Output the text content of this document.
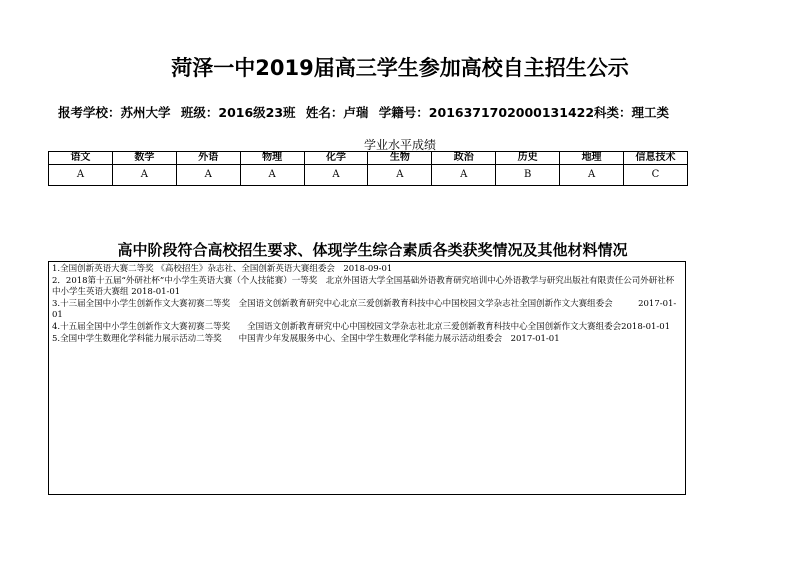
菏泽一中2019届高三学生参加高校自主招生公示
报考学校：苏州大学 班级：2016级23班 姓名：卢瑞 学籍号：20163717020001314​22科类：理工类
学业水平成绩
语文	数学	外语	物理	化学	生物	政治	历史	地理	信息技术
A	A	A	A	A	A	A	B	A	C
高中阶段符合高校招生要求、体现学生综合素质各类获奖情况及其他材料情况

1.全国创新英语大赛二等奖 《高校招生》杂志社、全国创新英语大赛组委会　2018-09-01

2．2018第十五届“外研社杯”中小学生英语大赛（个人技能赛）一等奖　北京外国语大学全国基础外语教育研究培训中心外语教学与研究出版社有限责任公司外研社杯中小学生英语大赛组 2018-01-01

3.十三届全国中小学生创新作文大赛初赛二等奖　全国语文创新教育研究中心北京三爱创新教育科技中心中国校园文学杂志社全国创新作文大赛组委会　　　2017-01-01

4.十五届全国中小学生创新作文大赛初赛二等奖　　全国语文创新教育研究中心中国校园文学杂志社北京三爱创新教育科技中心全国创新作文大赛组委会2018-01-01

5.全国中学生数理化学科能力展示活动二等奖　　中国青少年发展服务中心、全国中学生数理化学科能力展示活动组委会　2017-01-01
